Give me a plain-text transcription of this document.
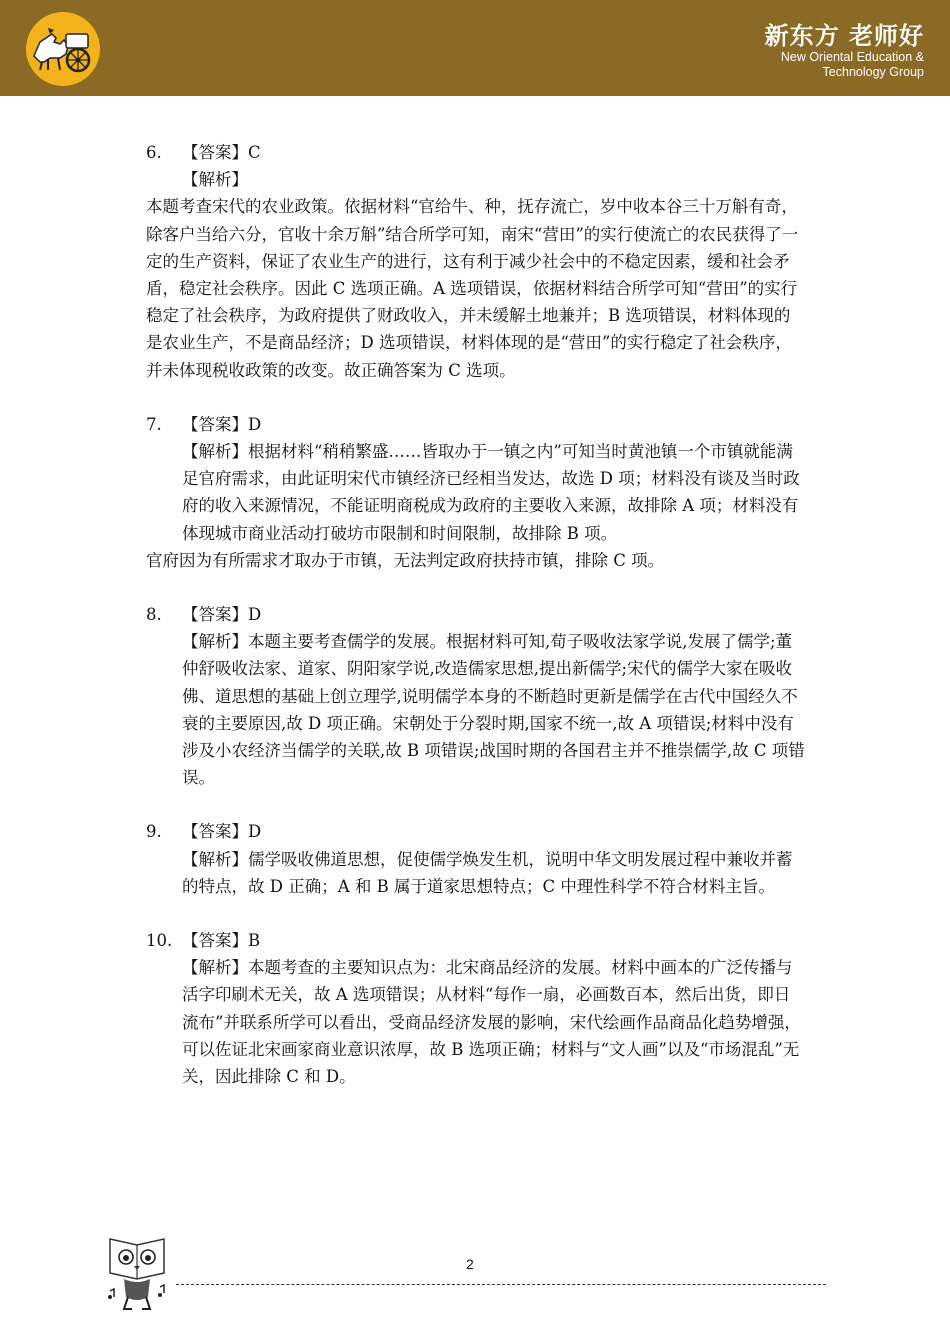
新东方 老师好
New Oriental Education &
Technology Group

6. 【答案】C

【解析】

本题考查宋代的农业政策。依据材料“官给牛、种，抚存流亡，岁中收本谷三十万斛有奇，除客户当给六分，官收十余万斛”结合所学可知，南宋“营田”的实行使流亡的农民获得了一定的生产资料，保证了农业生产的进行，这有利于减少社会中的不稳定因素，缓和社会矛盾，稳定社会秩序。因此 C 选项正确。A 选项错误，依据材料结合所学可知“营田”的实行稳定了社会秩序，为政府提供了财政收入，并未缓解土地兼并；B 选项错误，材料体现的是农业生产，不是商品经济；D 选项错误，材料体现的是“营田”的实行稳定了社会秩序，并未体现税收政策的改变。故正确答案为 C 选项。

7. 【答案】D

【解析】根据材料“稍稍繁盛……皆取办于一镇之内”可知当时黄池镇一个市镇就能满足官府需求，由此证明宋代市镇经济已经相当发达，故选 D 项；材料没有谈及当时政府的收入来源情况，不能证明商税成为政府的主要收入来源，故排除 A 项；材料没有体现城市商业活动打破坊市限制和时间限制，故排除 B 项。

官府因为有所需求才取办于市镇，无法判定政府扶持市镇，排除 C 项。

8. 【答案】D

【解析】本题主要考查儒学的发展。根据材料可知,荀子吸收法家学说,发展了儒学;董仲舒吸收法家、道家、阴阳家学说,改造儒家思想,提出新儒学;宋代的儒学大家在吸收佛、道思想的基础上创立理学,说明儒学本身的不断趋时更新是儒学在古代中国经久不衰的主要原因,故 D 项正确。宋朝处于分裂时期,国家不统一,故 A 项错误;材料中没有涉及小农经济当儒学的关联,故 B 项错误;战国时期的各国君主并不推崇儒学,故 C 项错误。

9. 【答案】D

【解析】儒学吸收佛道思想，促使儒学焕发生机，说明中华文明发展过程中兼收并蓄的特点，故 D 正确；A 和 B 属于道家思想特点；C 中理性科学不符合材料主旨。

10. 【答案】B

【解析】本题考查的主要知识点为：北宋商品经济的发展。材料中画本的广泛传播与活字印刷术无关，故 A 选项错误；从材料“每作一扇，必画数百本，然后出货，即日流布”并联系所学可以看出，受商品经济发展的影响，宋代绘画作品商品化趋势增强，可以佐证北宋画家商业意识浓厚，故 B 选项正确；材料与“文人画”以及“市场混乱”无关，因此排除 C 和 D。

2
